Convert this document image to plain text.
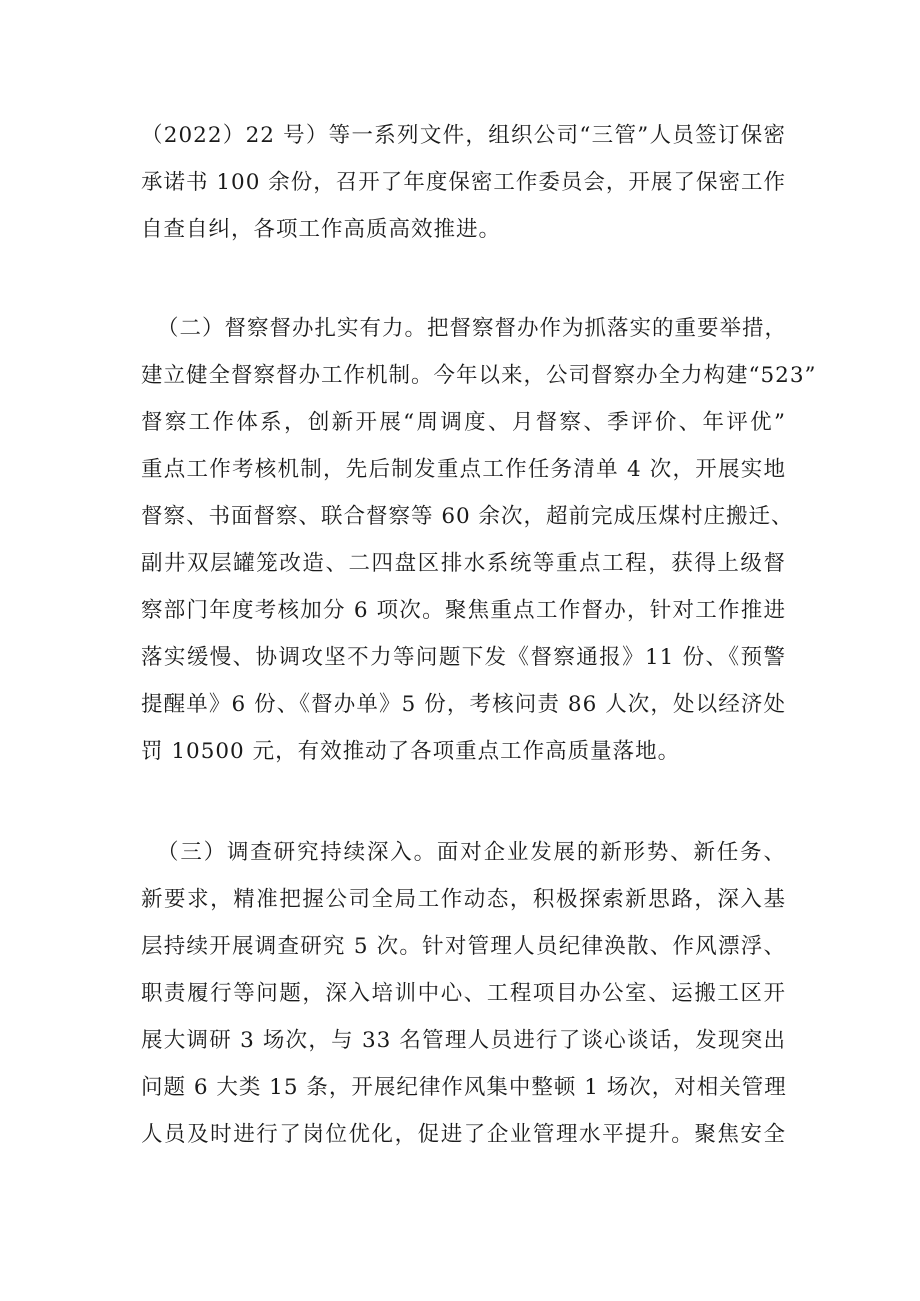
（2022）22 号）等一系列文件，组织公司“三管”人员签订保密
承诺书 100 余份，召开了年度保密工作委员会，开展了保密工作
自查自纠，各项工作高质高效推进。
（二）督察督办扎实有力。把督察督办作为抓落实的重要举措，
建立健全督察督办工作机制。今年以来，公司督察办全力构建“523”
督察工作体系，创新开展“周调度、月督察、季评价、年评优”
重点工作考核机制，先后制发重点工作任务清单 4 次，开展实地
督察、书面督察、联合督察等 60 余次，超前完成压煤村庄搬迁、
副井双层罐笼改造、二四盘区排水系统等重点工程，获得上级督
察部门年度考核加分 6 项次。聚焦重点工作督办，针对工作推进
落实缓慢、协调攻坚不力等问题下发《督察通报》11 份、《预警
提醒单》6 份、《督办单》5 份，考核问责 86 人次，处以经济处
罚 10500 元，有效推动了各项重点工作高质量落地。
（三）调查研究持续深入。面对企业发展的新形势、新任务、
新要求，精准把握公司全局工作动态，积极探索新思路，深入基
层持续开展调查研究 5 次。针对管理人员纪律涣散、作风漂浮、
职责履行等问题，深入培训中心、工程项目办公室、运搬工区开
展大调研 3 场次，与 33 名管理人员进行了谈心谈话，发现突出
问题 6 大类 15 条，开展纪律作风集中整顿 1 场次，对相关管理
人员及时进行了岗位优化，促进了企业管理水平提升。聚焦安全
